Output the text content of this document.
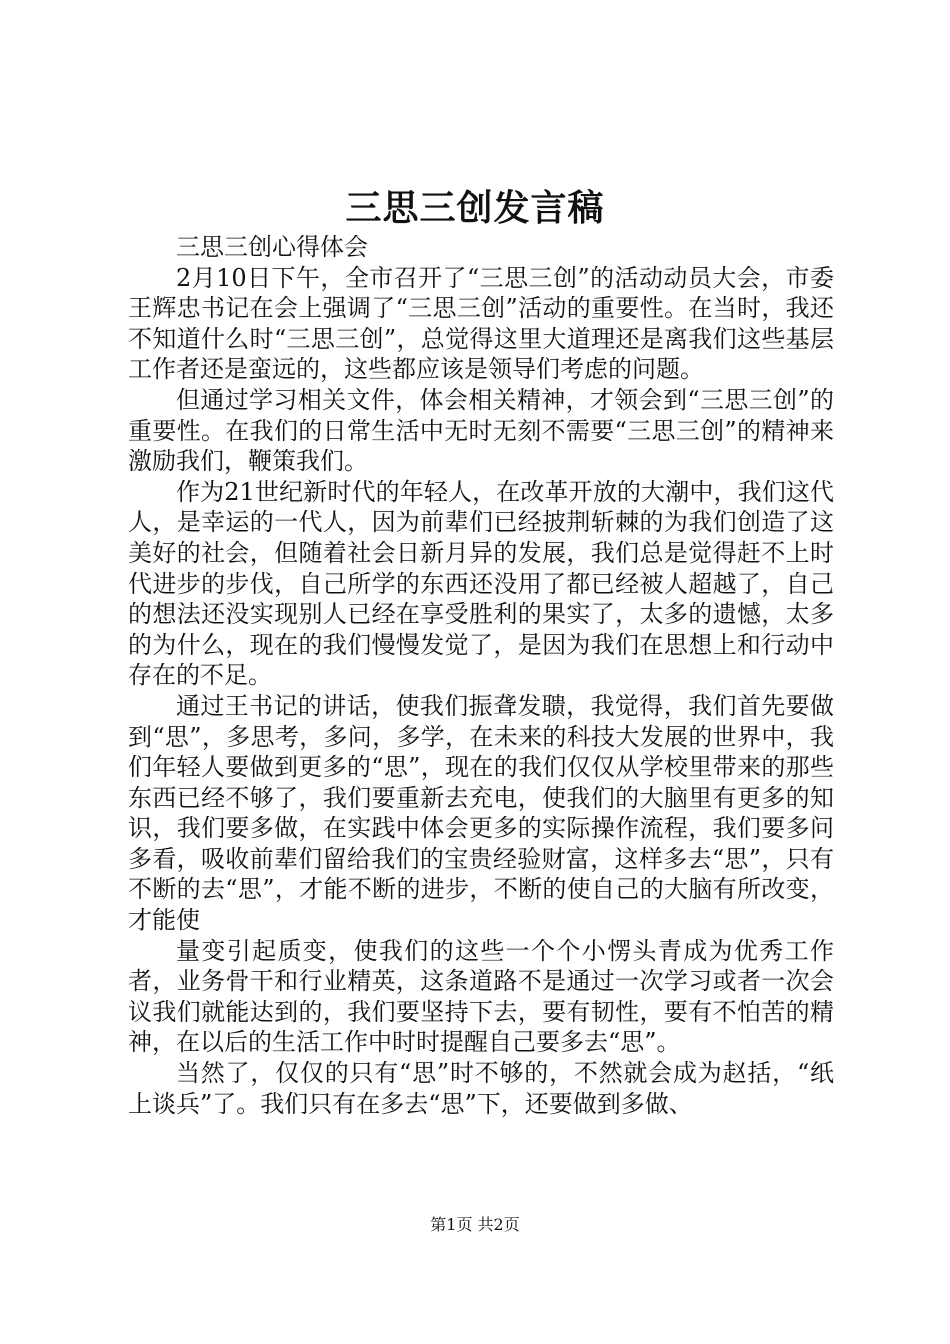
三思三创发言稿

三思三创心得体会

2月10日下午，全市召开了“三思三创”的活动动员大会，市委王辉忠书记在会上强调了“三思三创”活动的重要性。在当时，我还不知道什么时“三思三创”，总觉得这里大道理还是离我们这些基层工作者还是蛮远的，这些都应该是领导们考虑的问题。

但通过学习相关文件，体会相关精神，才领会到“三思三创”的重要性。在我们的日常生活中无时无刻不需要“三思三创”的精神来激励我们，鞭策我们。

作为21世纪新时代的年轻人，在改革开放的大潮中，我们这代人，是幸运的一代人，因为前辈们已经披荆斩棘的为我们创造了这美好的社会，但随着社会日新月异的发展，我们总是觉得赶不上时代进步的步伐，自己所学的东西还没用了都已经被人超越了，自己的想法还没实现别人已经在享受胜利的果实了，太多的遗憾，太多的为什么，现在的我们慢慢发觉了，是因为我们在思想上和行动中存在的不足。

通过王书记的讲话，使我们振聋发聩，我觉得，我们首先要做到“思”，多思考，多问，多学，在未来的科技大发展的世界中，我们年轻人要做到更多的“思”，现在的我们仅仅从学校里带来的那些东西已经不够了，我们要重新去充电，使我们的大脑里有更多的知识，我们要多做，在实践中体会更多的实际操作流程，我们要多问多看，吸收前辈们留给我们的宝贵经验财富，这样多去“思”，只有不断的去“思”，才能不断的进步，不断的使自己的大脑有所改变，才能使

量变引起质变，使我们的这些一个个小愣头青成为优秀工作者，业务骨干和行业精英，这条道路不是通过一次学习或者一次会议我们就能达到的，我们要坚持下去，要有韧性，要有不怕苦的精神，在以后的生活工作中时时提醒自己要多去“思”。

当然了，仅仅的只有“思”时不够的，不然就会成为赵括，“纸上谈兵”了。我们只有在多去“思”下，还要做到多做、

第1页 共2页
